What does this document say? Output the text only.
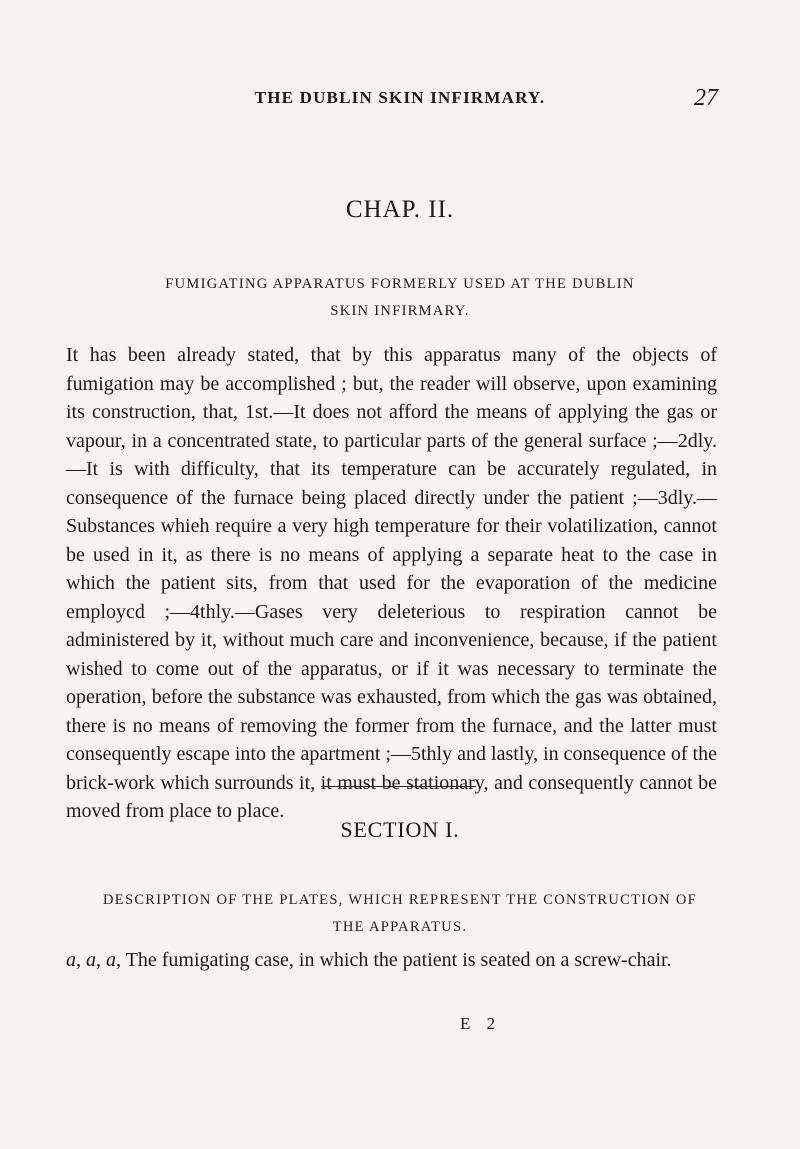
THE DUBLIN SKIN INFIRMARY.	27
CHAP. II.
FUMIGATING APPARATUS FORMERLY USED AT THE DUBLIN SKIN INFIRMARY.

It has been already stated, that by this apparatus many of the objects of fumigation may be accomplished ; but, the reader will observe, upon examining its construction, that, 1st.—It does not afford the means of applying the gas or vapour, in a concentrated state, to particular parts of the general surface ;—2dly.—It is with difficulty, that its temperature can be accurately regulated, in consequence of the furnace being placed directly under the patient ;—3dly.—Substances whieh require a very high temperature for their volatilization, cannot be used in it, as there is no means of applying a separate heat to the case in which the patient sits, from that used for the evaporation of the medicine employcd ;—4thly.—Gases very deleterious to respiration cannot be administered by it, without much care and inconvenience, because, if the patient wished to come out of the apparatus, or if it was necessary to terminate the operation, before the substance was exhausted, from which the gas was obtained, there is no means of removing the former from the furnace, and the latter must consequently escape into the apartment ;—5thly and lastly, in consequence of the brick-work which surrounds it, it must be stationary, and consequently cannot be moved from place to place.

SECTION I.
DESCRIPTION OF THE PLATES, WHICH REPRESENT THE CONSTRUCTION OF THE APPARATUS.
a, a, a, The fumigating case, in which the patient is seated on a screw-chair.
E 2
